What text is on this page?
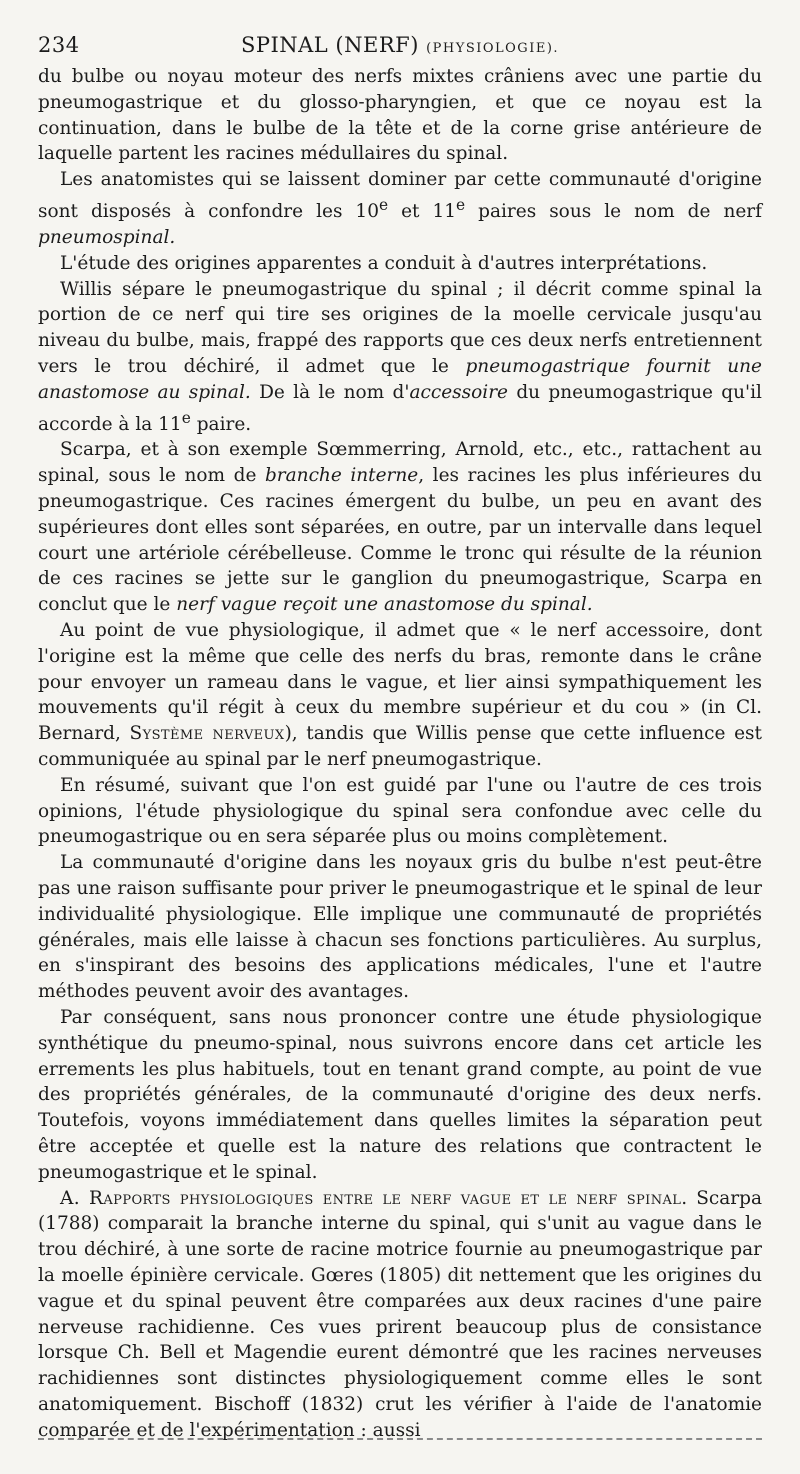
234	SPINAL (NERF) (PHYSIOLOGIE).

du bulbe ou noyau moteur des nerfs mixtes crâniens avec une partie du pneumogastrique et du glosso-pharyngien, et que ce noyau est la continuation, dans le bulbe de la tête et de la corne grise antérieure de laquelle partent les racines médullaires du spinal.

Les anatomistes qui se laissent dominer par cette communauté d'origine sont disposés à confondre les 10e et 11e paires sous le nom de nerf pneumospinal.

L'étude des origines apparentes a conduit à d'autres interprétations.

Willis sépare le pneumogastrique du spinal ; il décrit comme spinal la portion de ce nerf qui tire ses origines de la moelle cervicale jusqu'au niveau du bulbe, mais, frappé des rapports que ces deux nerfs entretiennent vers le trou déchiré, il admet que le pneumogastrique fournit une anastomose au spinal. De là le nom d'accessoire du pneumogastrique qu'il accorde à la 11e paire.

Scarpa, et à son exemple Sœmmerring, Arnold, etc., etc., rattachent au spinal, sous le nom de branche interne, les racines les plus inférieures du pneumogastrique. Ces racines émergent du bulbe, un peu en avant des supérieures dont elles sont séparées, en outre, par un intervalle dans lequel court une artériole cérébelleuse. Comme le tronc qui résulte de la réunion de ces racines se jette sur le ganglion du pneumogastrique, Scarpa en conclut que le nerf vague reçoit une anastomose du spinal.

Au point de vue physiologique, il admet que « le nerf accessoire, dont l'origine est la même que celle des nerfs du bras, remonte dans le crâne pour envoyer un rameau dans le vague, et lier ainsi sympathiquement les mouvements qu'il régit à ceux du membre supérieur et du cou » (in Cl. Bernard, Système nerveux), tandis que Willis pense que cette influence est communiquée au spinal par le nerf pneumogastrique.

En résumé, suivant que l'on est guidé par l'une ou l'autre de ces trois opinions, l'étude physiologique du spinal sera confondue avec celle du pneumogastrique ou en sera séparée plus ou moins complètement.

La communauté d'origine dans les noyaux gris du bulbe n'est peut-être pas une raison suffisante pour priver le pneumogastrique et le spinal de leur individualité physiologique. Elle implique une communauté de propriétés générales, mais elle laisse à chacun ses fonctions particulières. Au surplus, en s'inspirant des besoins des applications médicales, l'une et l'autre méthodes peuvent avoir des avantages.

Par conséquent, sans nous prononcer contre une étude physiologique synthétique du pneumo-spinal, nous suivrons encore dans cet article les errements les plus habituels, tout en tenant grand compte, au point de vue des propriétés générales, de la communauté d'origine des deux nerfs. Toutefois, voyons immédiatement dans quelles limites la séparation peut être acceptée et quelle est la nature des relations que contractent le pneumogastrique et le spinal.

A. Rapports physiologiques entre le nerf vague et le nerf spinal. Scarpa (1788) comparait la branche interne du spinal, qui s'unit au vague dans le trou déchiré, à une sorte de racine motrice fournie au pneumogastrique par la moelle épinière cervicale. Gœres (1805) dit nettement que les origines du vague et du spinal peuvent être comparées aux deux racines d'une paire nerveuse rachidienne. Ces vues prirent beaucoup plus de consistance lorsque Ch. Bell et Magendie eurent démontré que les racines nerveuses rachidiennes sont distinctes physiologiquement comme elles le sont anatomiquement. Bischoff (1832) crut les vérifier à l'aide de l'anatomie comparée et de l'expérimentation : aussi
